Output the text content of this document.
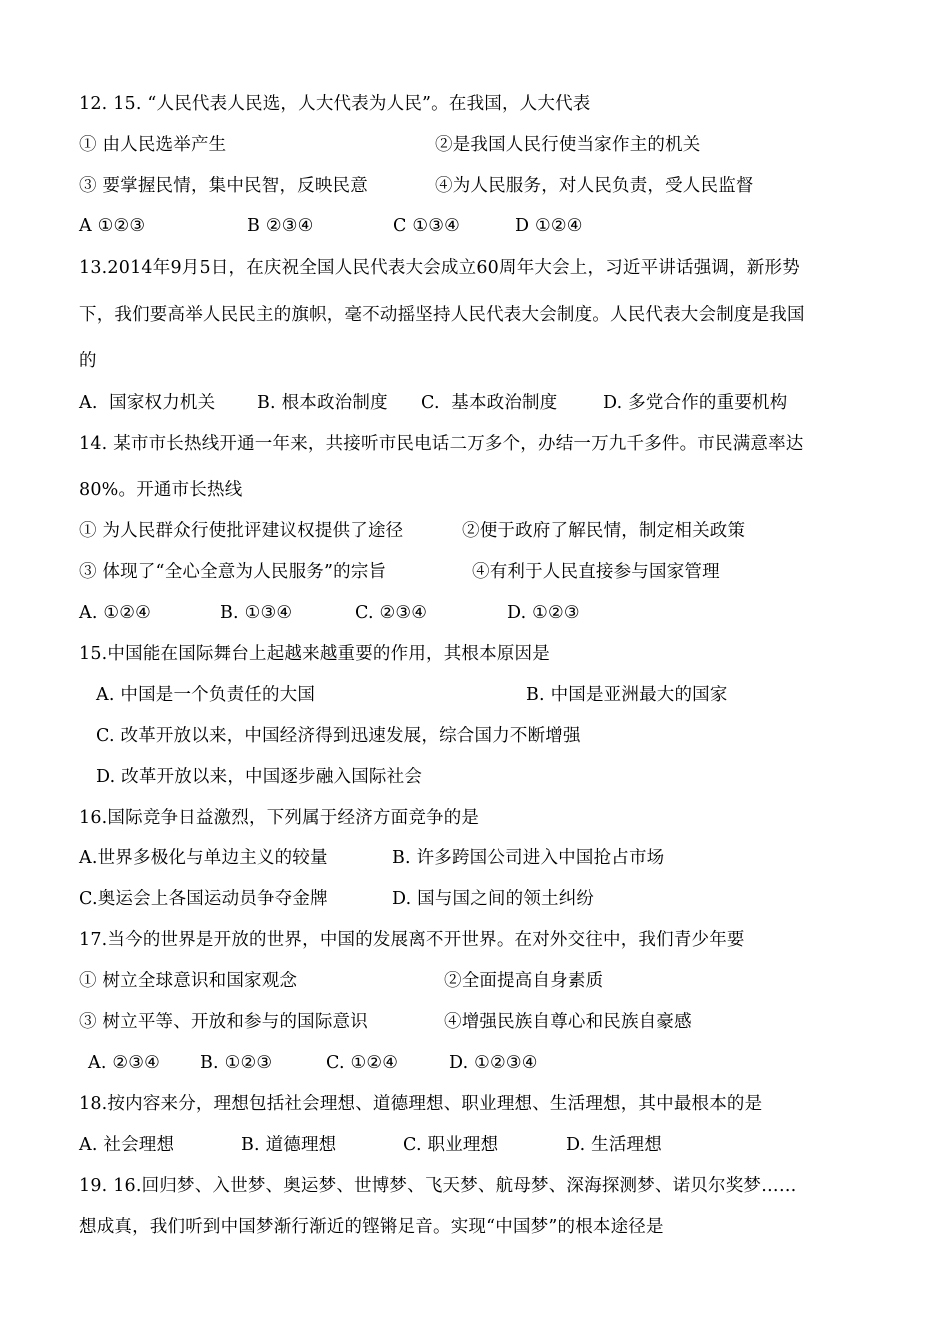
12. 15. “人民代表人民选，人大代表为人民”。在我国，人大代表

① 由人民选举产生

	②是我国人民行使当家作主的机关

③ 要掌握民情，集中民智，反映民意

	④为人民服务，对人民负责，受人民监督

A ①②③

	B ②③④

	C ①③④

	D ①②④

13.2014年9月5日，在庆祝全国人民代表大会成立60周年大会上，习近平讲话强调，新形势
下，我们要高举人民民主的旗帜，毫不动摇坚持人民代表大会制度。人民代表大会制度是我国
的

A.  国家权力机关

B. 根本政治制度

C.  基本政治制度

	D. 多党合作的重要机构

14. 某市市长热线开通一年来，共接听市民电话二万多个，办结一万九千多件。市民满意率达
80%。开通市长热线

① 为人民群众行使批评建议权提供了途径

	②便于政府了解民情，制定相关政策

③ 体现了“全心全意为人民服务”的宗旨

	④有利于人民直接参与国家管理

A. ①②④

	B. ①③④

	C. ②③④

	D. ①②③

15.中国能在国际舞台上起越来越重要的作用，其根本原因是

A. 中国是一个负责任的大国

	B. 中国是亚洲最大的国家

C. 改革开放以来，中国经济得到迅速发展，综合国力不断增强
D. 改革开放以来，中国逐步融入国际社会
16.国际竞争日益激烈，下列属于经济方面竞争的是

A.世界多极化与单边主义的较量

	B. 许多跨国公司进入中国抢占市场

C.奥运会上各国运动员争夺金牌

	D. 国与国之间的领土纠纷

17.当今的世界是开放的世界，中国的发展离不开世界。在对外交往中，我们青少年要

① 树立全球意识和国家观念

	②全面提高自身素质

③ 树立平等、开放和参与的国际意识

	④增强民族自尊心和民族自豪感

A. ②③④

B. ①②③

	C. ①②④

	D. ①②③④

18.按内容来分，理想包括社会理想、道德理想、职业理想、生活理想，其中最根本的是

A. 社会理想

	B. 道德理想

	C. 职业理想

	D. 生活理想

19. 16.回归梦、入世梦、奥运梦、世博梦、飞天梦、航母梦、深海探测梦、诺贝尔奖梦……
想成真，我们听到中国梦渐行渐近的铿锵足音。实现“中国梦”的根本途径是
